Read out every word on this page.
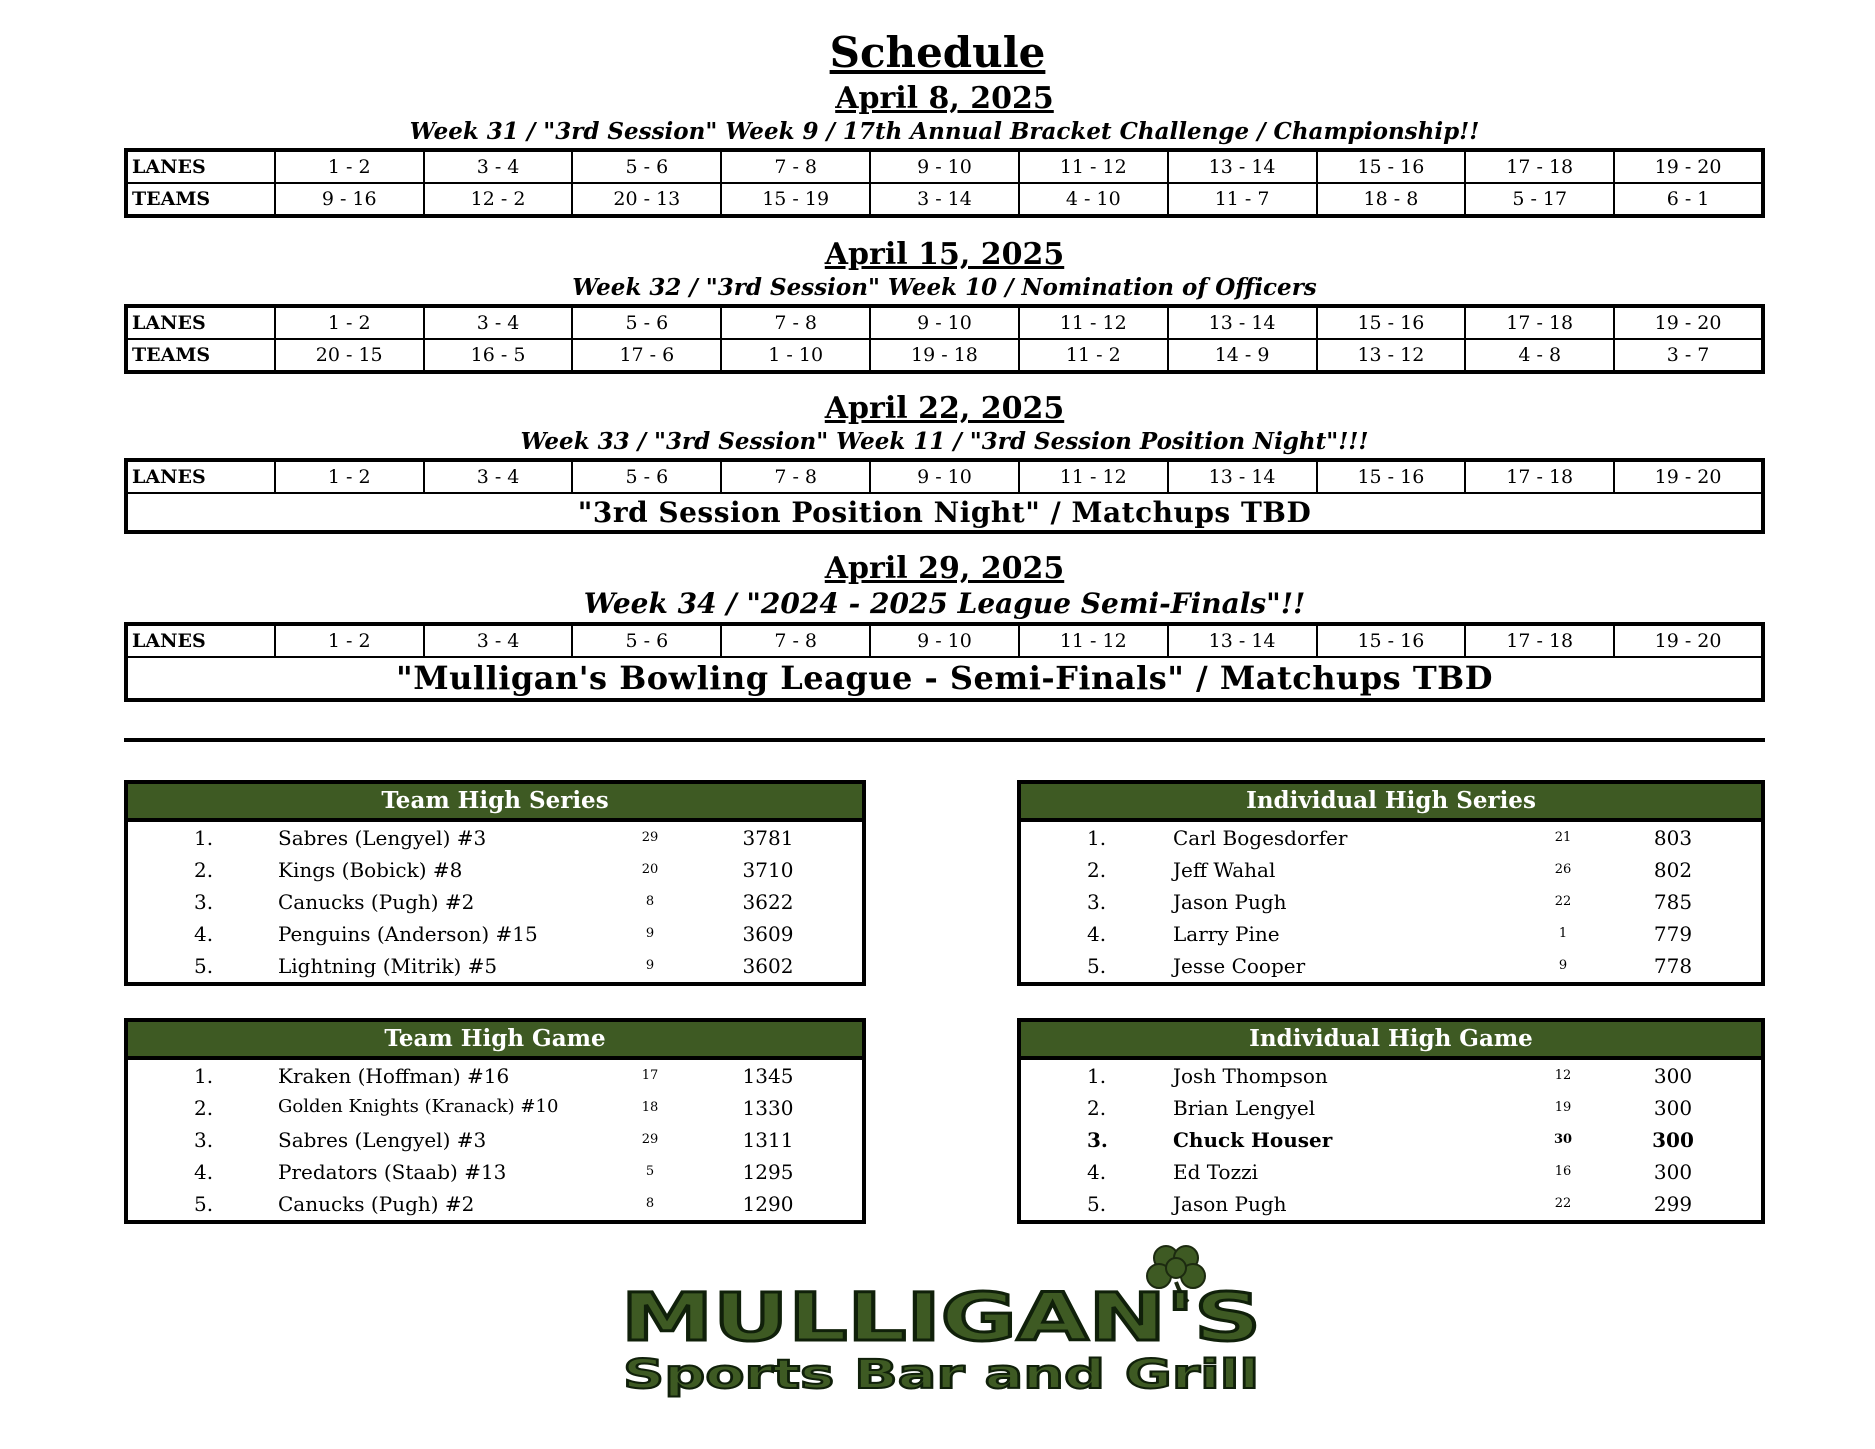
Schedule
April 8, 2025
Week 31 / "3rd Session" Week 9 / 17th Annual Bracket Challenge / Championship!!
LANES	1 - 2	3 - 4	5 - 6	7 - 8	9 - 10	11 - 12	13 - 14	15 - 16	17 - 18	19 - 20
TEAMS	9 - 16	12 - 2	20 - 13	15 - 19	3 - 14	4 - 10	11 - 7	18 - 8	5 - 17	6 - 1
April 15, 2025
Week 32 / "3rd Session" Week 10 / Nomination of Officers
LANES	1 - 2	3 - 4	5 - 6	7 - 8	9 - 10	11 - 12	13 - 14	15 - 16	17 - 18	19 - 20
TEAMS	20 - 15	16 - 5	17 - 6	1 - 10	19 - 18	11 - 2	14 - 9	13 - 12	4 - 8	3 - 7
April 22, 2025
Week 33 / "3rd Session" Week 11 / "3rd Session Position Night"!!!
LANES	1 - 2	3 - 4	5 - 6	7 - 8	9 - 10	11 - 12	13 - 14	15 - 16	17 - 18	19 - 20
"3rd Session Position Night" / Matchups TBD
April 29, 2025
Week 34 / "2024 - 2025 League Semi-Finals"!!
LANES	1 - 2	3 - 4	5 - 6	7 - 8	9 - 10	11 - 12	13 - 14	15 - 16	17 - 18	19 - 20
"Mulligan's Bowling League - Semi-Finals" / Matchups TBD
Team High Series
1.	Sabres (Lengyel) #3	29	3781
2.	Kings (Bobick) #8	20	3710
3.	Canucks (Pugh) #2	8	3622
4.	Penguins (Anderson) #15	9	3609
5.	Lightning (Mitrik) #5	9	3602
Individual High Series
1.	Carl Bogesdorfer	21	803
2.	Jeff Wahal	26	802
3.	Jason Pugh	22	785
4.	Larry Pine	1	779
5.	Jesse Cooper	9	778
Team High Game
1.	Kraken (Hoffman) #16	17	1345
2.	Golden Knights (Kranack) #10	18	1330
3.	Sabres (Lengyel) #3	29	1311
4.	Predators (Staab) #13	5	1295
5.	Canucks (Pugh) #2	8	1290
Individual High Game
1.	Josh Thompson	12	300
2.	Brian Lengyel	19	300
3.	Chuck Houser	30	300
4.	Ed Tozzi	16	300
5.	Jason Pugh	22	299
MULLIGAN'S
Sports Bar and Grill
